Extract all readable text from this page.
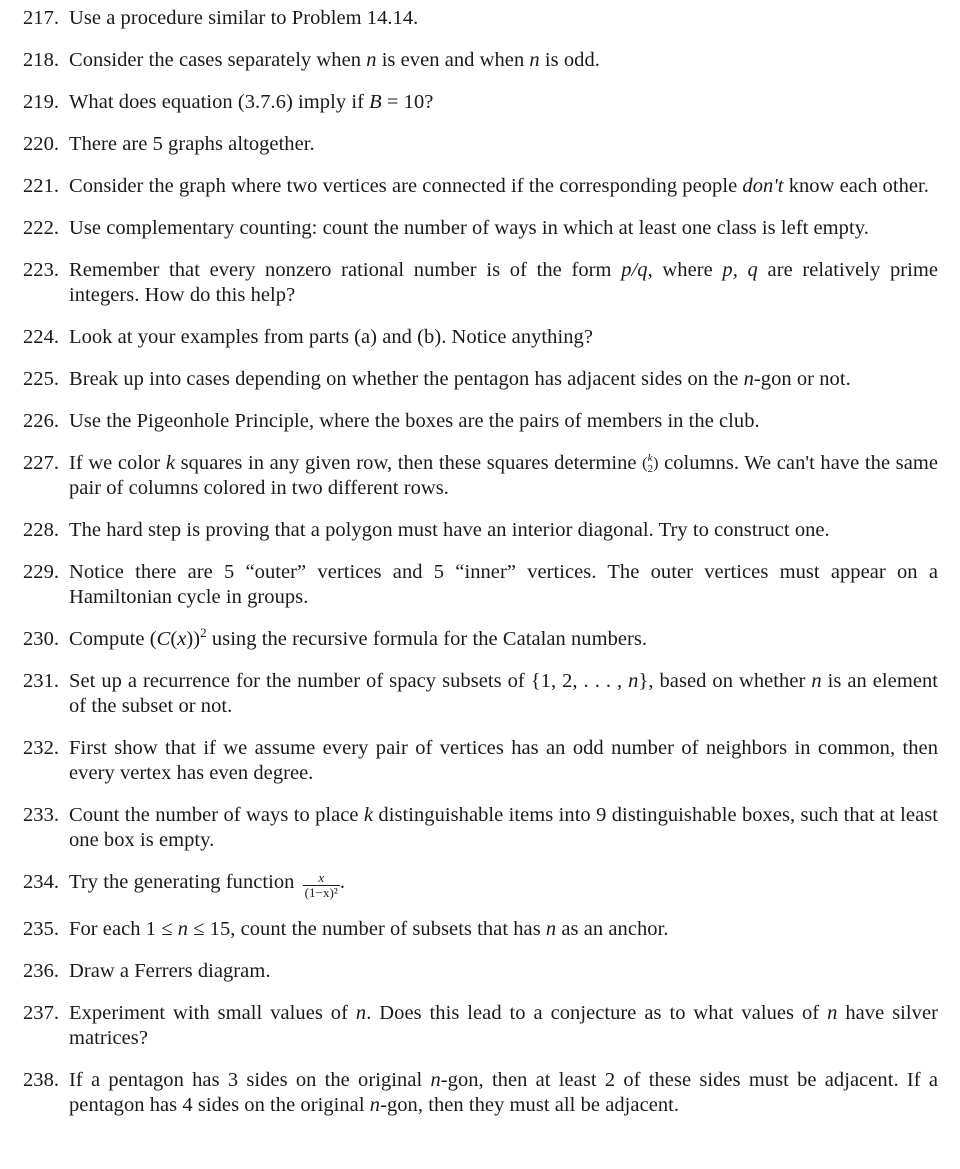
217. Use a procedure similar to Problem 14.14.
218. Consider the cases separately when n is even and when n is odd.
219. What does equation (3.7.6) imply if B = 10?
220. There are 5 graphs altogether.
221. Consider the graph where two vertices are connected if the corresponding people don't know each other.
222. Use complementary counting: count the number of ways in which at least one class is left empty.
223. Remember that every nonzero rational number is of the form p/q, where p, q are relatively prime integers. How do this help?
224. Look at your examples from parts (a) and (b). Notice anything?
225. Break up into cases depending on whether the pentagon has adjacent sides on the n-gon or not.
226. Use the Pigeonhole Principle, where the boxes are the pairs of members in the club.
227. If we color k squares in any given row, then these squares determine ( k
2 ) columns. We can't have the same pair of columns colored in two different rows.
228. The hard step is proving that a polygon must have an interior diagonal. Try to construct one.
229. Notice there are 5 “outer” vertices and 5 “inner” vertices. The outer vertices must appear on a Hamiltonian cycle in groups.
230. Compute $(C(x))^2$ using the recursive formula for the Catalan numbers.
231. Set up a recurrence for the number of spacy subsets of {1, 2, . . . , n}, based on whether n is an element of the subset or not.
232. First show that if we assume every pair of vertices has an odd number of neighbors in common, then every vertex has even degree.
233. Count the number of ways to place k distinguishable items into 9 distinguishable boxes, such that at least one box is empty.
234. Try the generating function $\frac{x}{\text{(1−x)²}}$ .
235. For each 1 ≤ n ≤ 15, count the number of subsets that has n as an anchor.
236. Draw a Ferrers diagram.
237. Experiment with small values of n. Does this lead to a conjecture as to what values of n have silver matrices?
238. If a pentagon has 3 sides on the original n-gon, then at least 2 of these sides must be adjacent. If a pentagon has 4 sides on the original n-gon, then they must all be adjacent.
